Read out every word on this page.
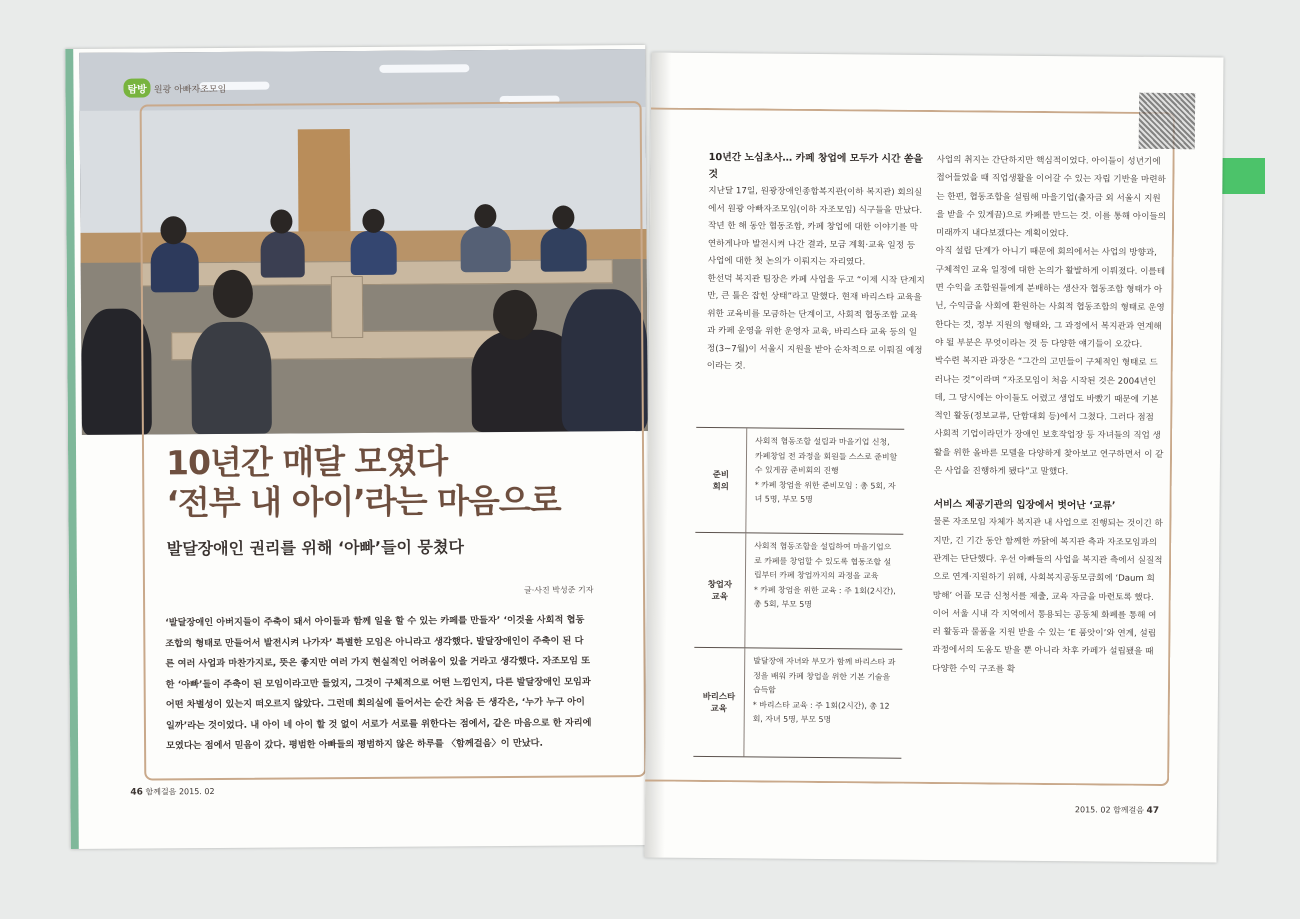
탐방 원광 아빠자조모임
10년간 매달 모였다
‘전부 내 아이’라는 마음으로
발달장애인 권리를 위해 ‘아빠’들이 뭉쳤다
글·사진 박성준 기자
‘발달장애인 아버지들이 주축이 돼서 아이들과 함께 일을 할 수 있는 카페를 만들자’ ‘이것을 사회적 협동조합의 형태로 만들어서 발전시켜 나가자’ 특별한 모임은 아니라고 생각했다. 발달장애인이 주축이 된 다른 여러 사업과 마찬가지로, 뜻은 좋지만 여러 가지 현실적인 어려움이 있을 거라고 생각했다. 자조모임 또한 ‘아빠’들이 주축이 된 모임이라고만 들었지, 그것이 구체적으로 어떤 느낌인지, 다른 발달장애인 모임과 어떤 차별성이 있는지 떠오르지 않았다. 그런데 회의실에 들어서는 순간 처음 든 생각은, ‘누가 누구 아이일까’라는 것이었다. 내 아이 네 아이 할 것 없이 서로가 서로를 위한다는 점에서, 같은 마음으로 한 자리에 모였다는 점에서 믿음이 갔다. 평범한 아빠들의 평범하지 않은 하루를 〈함께걸음〉이 만났다.
46 함께걸음 2015. 02
10년간 노심초사… 카페 창업에 모두가 시간 쏟을 것

지난달 17일, 원광장애인종합복지관(이하 복지관) 회의실에서 원광 아빠자조모임(이하 자조모임) 식구들을 만났다. 작년 한 해 동안 협동조합, 카페 창업에 대한 이야기를 막연하게나마 발전시켜 나간 결과, 모금 계획·교육 일정 등 사업에 대한 첫 논의가 이뤄지는 자리였다.

한선덕 복지관 팀장은 카페 사업을 두고 “이제 시작 단계지만, 큰 틀은 잡힌 상태”라고 말했다. 현재 바리스타 교육을 위한 교육비를 모금하는 단계이고, 사회적 협동조합 교육과 카페 운영을 위한 운영자 교육, 바리스타 교육 등의 일정(3~7월)이 서울시 지원을 받아 순차적으로 이뤄질 예정이라는 것.

준비
회의
사회적 협동조합 설립과 마을기업 신청, 카페창업 전 과정을 회원들 스스로 준비할 수 있게끔 준비회의 진행
* 카페 창업을 위한 준비모임 : 총 5회, 자녀 5명, 부모 5명
창업자
교육
사회적 협동조합을 설립하여 마을기업으로 카페를 창업할 수 있도록 협동조합 설립부터 카페 창업까지의 과정을 교육
* 카페 창업을 위한 교육 : 주 1회(2시간), 총 5회, 부모 5명
바리스타
교육
발달장애 자녀와 부모가 함께 바리스타 과정을 배워 카페 창업을 위한 기본 기술을 습득함
* 바리스타 교육 : 주 1회(2시간), 총 12회, 자녀 5명, 부모 5명

사업의 취지는 간단하지만 핵심적이었다. 아이들이 성년기에 접어들었을 때 직업생활을 이어갈 수 있는 자립 기반을 마련하는 한편, 협동조합을 설립해 마을기업(출자금 외 서울시 지원을 받을 수 있게끔)으로 카페를 만드는 것. 이를 통해 아이들의 미래까지 내다보겠다는 계획이었다.

아직 설립 단계가 아니기 때문에 회의에서는 사업의 방향과, 구체적인 교육 일정에 대한 논의가 활발하게 이뤄졌다. 이를테면 수익을 조합원들에게 분배하는 생산자 협동조합 형태가 아닌, 수익금을 사회에 환원하는 사회적 협동조합의 형태로 운영한다는 것, 정부 지원의 형태와, 그 과정에서 복지관과 연계해야 될 부분은 무엇이라는 것 등 다양한 얘기들이 오갔다.

박수련 복지관 과장은 “그간의 고민들이 구체적인 형태로 드러나는 것”이라며 “자조모임이 처음 시작된 것은 2004년인데, 그 당시에는 아이들도 어렸고 생업도 바빴기 때문에 기본적인 활동(정보교류, 단합대회 등)에서 그쳤다. 그러다 점점 사회적 기업이라던가 장애인 보호작업장 등 자녀들의 직업 생활을 위한 올바른 모델을 다양하게 찾아보고 연구하면서 이 같은 사업을 진행하게 됐다”고 말했다.

서비스 제공기관의 입장에서 벗어난 ‘교류’

물론 자조모임 자체가 복지관 내 사업으로 진행되는 것이긴 하지만, 긴 기간 동안 함께한 까닭에 복지관 측과 자조모임과의 관계는 단단했다. 우선 아빠들의 사업을 복지관 측에서 실질적으로 연계·지원하기 위해, 사회복지공동모금회에 ‘Daum 희망해’ 어플 모금 신청서를 제출, 교육 자금을 마련토록 했다. 이어 서울 시내 각 지역에서 통용되는 공동체 화폐를 통해 여러 활동과 물품을 지원 받을 수 있는 ‘E 품앗이’와 연계, 설립 과정에서의 도움도 받을 뿐 아니라 차후 카페가 설립됐을 때 다양한 수익 구조를 확

2015. 02 함께걸음 47
